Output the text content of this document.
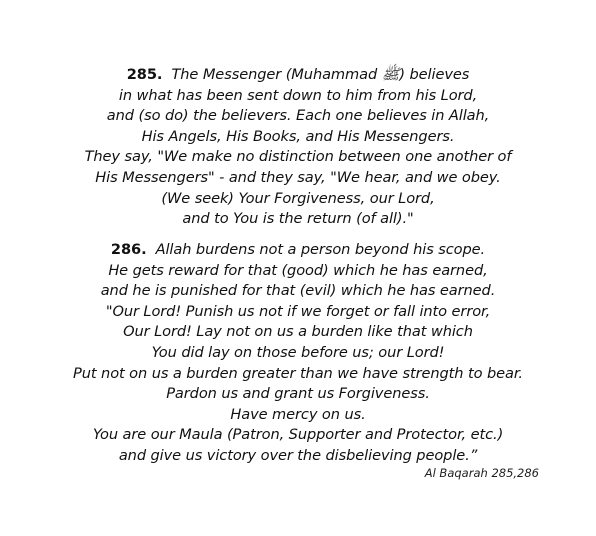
285. The Messenger (Muhammad ﷺ) believes
in what has been sent down to him from his Lord,
and (so do) the believers. Each one believes in Allah,
His Angels, His Books, and His Messengers.
They say, "We make no distinction between one another of
His Messengers" - and they say, "We hear, and we obey.
(We seek) Your Forgiveness, our Lord,
and to You is the return (of all)."
286. Allah burdens not a person beyond his scope.
He gets reward for that (good) which he has earned,
and he is punished for that (evil) which he has earned.
"Our Lord! Punish us not if we forget or fall into error,
Our Lord! Lay not on us a burden like that which
You did lay on those before us; our Lord!
Put not on us a burden greater than we have strength to bear.
Pardon us and grant us Forgiveness.
Have mercy on us.
You are our Maula (Patron, Supporter and Protector, etc.)
and give us victory over the disbelieving people.”
Al Baqarah 285,286
